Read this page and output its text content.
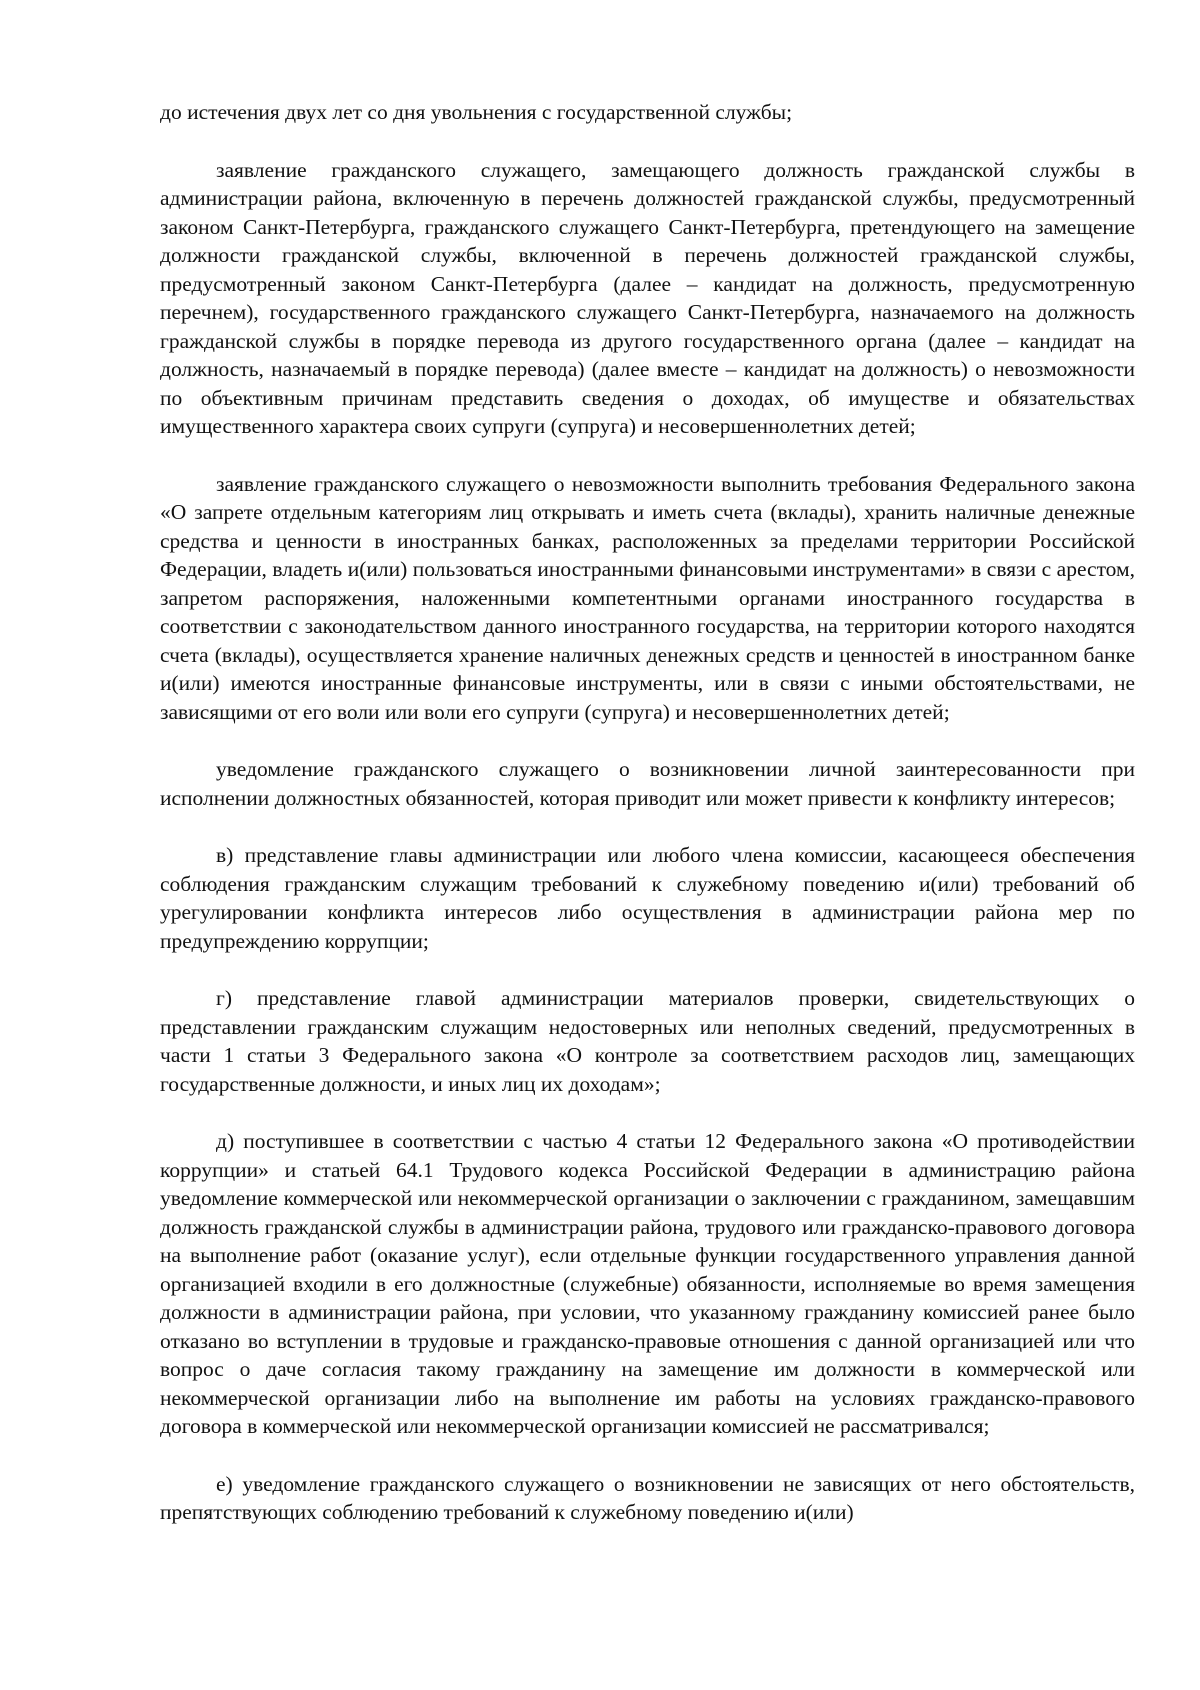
до истечения двух лет со дня увольнения с государственной службы;

заявление гражданского служащего, замещающего должность гражданской службы в администрации района, включенную в перечень должностей гражданской службы, предусмотренный законом Санкт-Петербурга, гражданского служащего Санкт-Петербурга, претендующего на замещение должности гражданской службы, включенной в перечень должностей гражданской службы, предусмотренный законом Санкт-Петербурга (далее – кандидат на должность, предусмотренную перечнем), государственного гражданского служащего Санкт-Петербурга, назначаемого на должность гражданской службы в порядке перевода из другого государственного органа (далее – кандидат на должность, назначаемый в порядке перевода) (далее вместе – кандидат на должность) о невозможности по объективным причинам представить сведения о доходах, об имуществе и обязательствах имущественного характера своих супруги (супруга) и несовершеннолетних детей;

заявление гражданского служащего о невозможности выполнить требования Федерального закона «О запрете отдельным категориям лиц открывать и иметь счета (вклады), хранить наличные денежные средства и ценности в иностранных банках, расположенных за пределами территории Российской Федерации, владеть и(или) пользоваться иностранными финансовыми инструментами» в связи с арестом, запретом распоряжения, наложенными компетентными органами иностранного государства в соответствии с законодательством данного иностранного государства, на территории которого находятся счета (вклады), осуществляется хранение наличных денежных средств и ценностей в иностранном банке и(или) имеются иностранные финансовые инструменты, или в связи с иными обстоятельствами, не зависящими от его воли или воли его супруги (супруга) и несовершеннолетних детей;

уведомление гражданского служащего о возникновении личной заинтересованности при исполнении должностных обязанностей, которая приводит или может привести к конфликту интересов;

в) представление главы администрации или любого члена комиссии, касающееся обеспечения соблюдения гражданским служащим требований к служебному поведению и(или) требований об урегулировании конфликта интересов либо осуществления в администрации района мер по предупреждению коррупции;

г) представление главой администрации материалов проверки, свидетельствующих о представлении гражданским служащим недостоверных или неполных сведений, предусмотренных в части 1 статьи 3 Федерального закона «О контроле за соответствием расходов лиц, замещающих государственные должности, и иных лиц их доходам»;

д) поступившее в соответствии с частью 4 статьи 12 Федерального закона «О противодействии коррупции» и статьей 64.1 Трудового кодекса Российской Федерации в администрацию района уведомление коммерческой или некоммерческой организации о заключении с гражданином, замещавшим должность гражданской службы в администрации района, трудового или гражданско-правового договора на выполнение работ (оказание услуг), если отдельные функции государственного управления данной организацией входили в его должностные (служебные) обязанности, исполняемые во время замещения должности в администрации района, при условии, что указанному гражданину комиссией ранее было отказано во вступлении в трудовые и гражданско-правовые отношения с данной организацией или что вопрос о даче согласия такому гражданину на замещение им должности в коммерческой или некоммерческой организации либо на выполнение им работы на условиях гражданско-правового договора в коммерческой или некоммерческой организации комиссией не рассматривался;

е) уведомление гражданского служащего о возникновении не зависящих от него обстоятельств, препятствующих соблюдению требований к служебному поведению и(или)
